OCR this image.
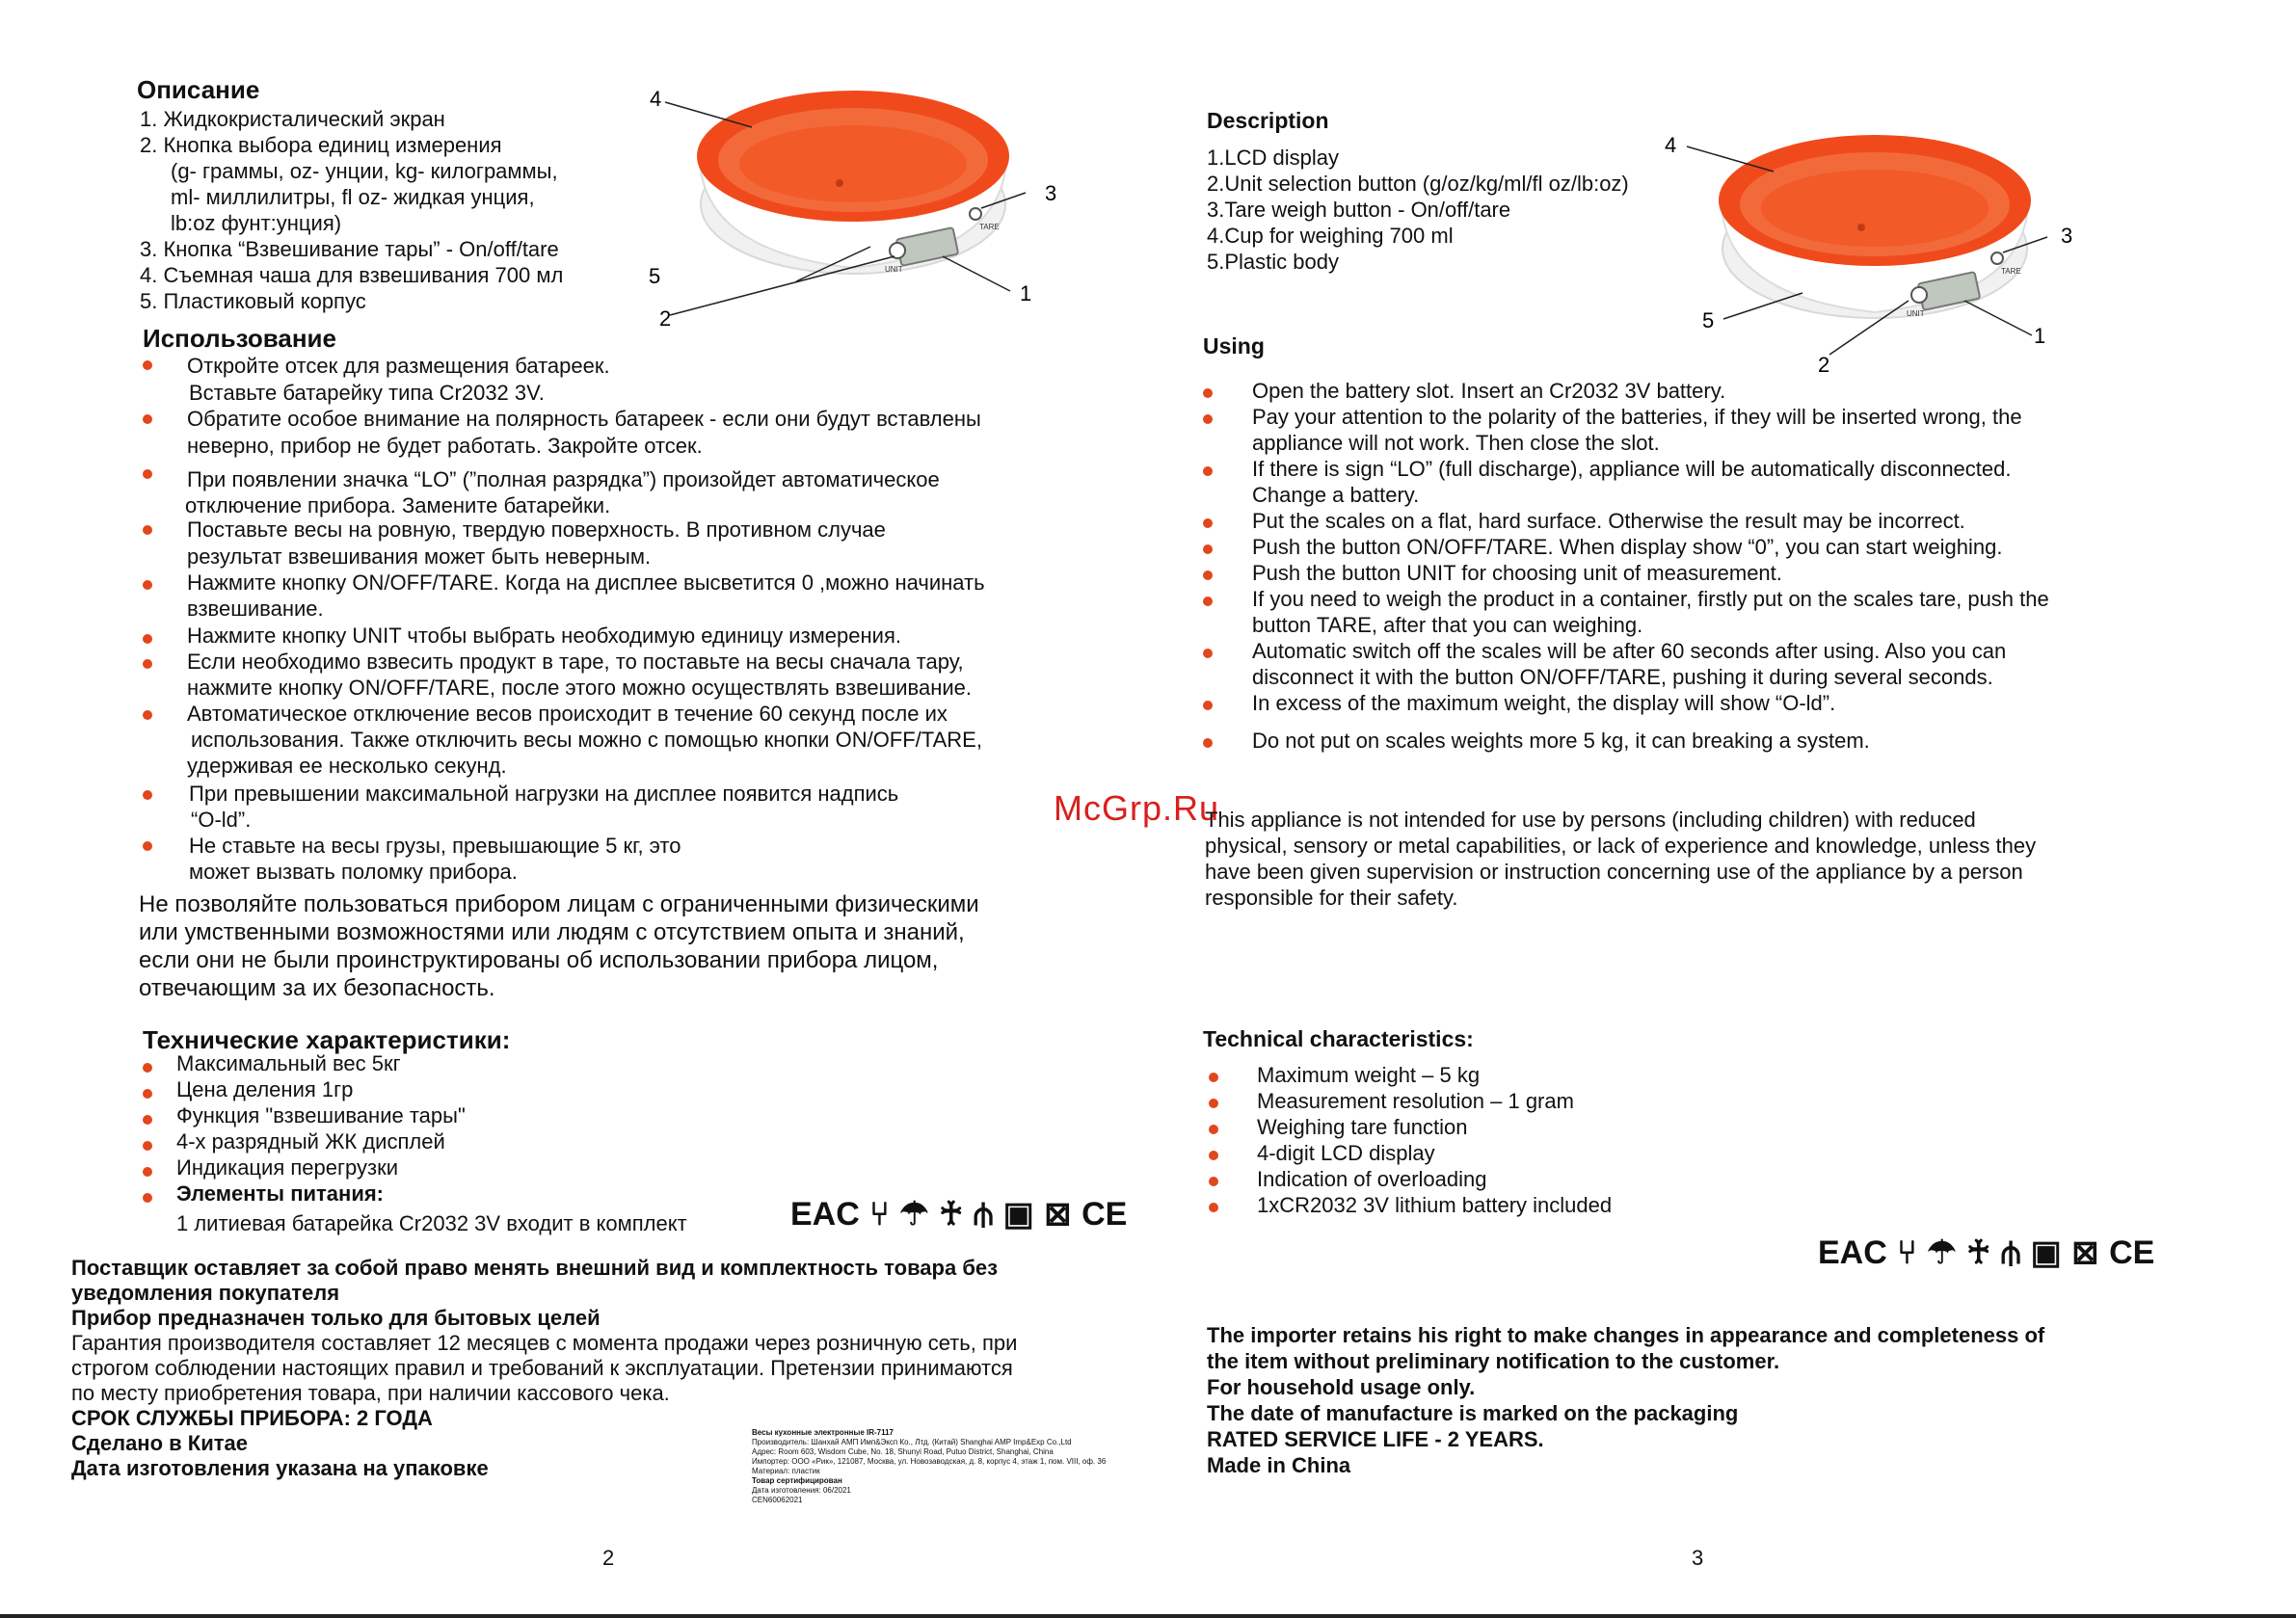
Описание
1. Жидкокристалический экран
2. Кнопка выбора единиц измерения
(g- граммы, oz- унции, kg- килограммы,
ml- миллилитры, fl oz- жидкая унция,
lb:oz фунт:унция)
3. Кнопка “Взвешивание тары” - On/off/tare
4. Съемная чаша для взвешивания 700 мл
5. Пластиковый корпус
UNIT
TARE
4
3
1
5
2
Использование
Откройте отсек для размещения батареек.
Вставьте батарейку типа Cr2032 3V.
Обратите особое внимание на полярность батареек - если они будут вставлены
неверно, прибор не будет работать. Закройте отсек.
При появлении значка “LO” (”полная разрядка”) произойдет автоматическое
отключение прибора. Замените батарейки.
Поставьте весы на ровную, твердую поверхность. В противном случае
результат взвешивания может быть неверным.
Нажмите кнопку ON/OFF/TARE. Когда на дисплее высветится 0 ,можно начинать
взвешивание.
Нажмите кнопку UNIT чтобы выбрать необходимую единицу измерения.
Если необходимо взвесить продукт в таре, то поставьте на весы сначала тару,
нажмите кнопку ON/OFF/TARE, после этого можно осуществлять взвешивание.
Автоматическое отключение весов происходит в течение 60 секунд после их
использования. Также отключить весы можно с помощью кнопки ON/OFF/TARE,
удерживая ее несколько секунд.
При превышении максимальной нагрузки на дисплее появится надпись
“O-ld”.
Не ставьте на весы грузы, превышающие 5 кг, это
может вызвать поломку прибора.
Не позволяйте пользоваться прибором лицам с ограниченными физическими
или умственными возможностями или людям с отсутствием опыта и знаний,
если они не были проинструктированы об использовании прибора лицом,
отвечающим за их безопасность.
Технические характеристики:
Максимальный вес 5кг
Цена деления 1гр
Функция "взвешивание тары"
4-х разрядный ЖК дисплей
Индикация перегрузки
Элементы питания:
1 литиевая батарейка Cr2032 3V входит в комплект	EAC ⑂ ☂ ♰ ⫛ ▣ ⊠ CE
Поставщик оставляет за собой право менять внешний вид и комплектность товара без
уведомления покупателя
Прибор предназначен только для бытовых целей
Гарантия производителя составляет 12 месяцев с момента продажи через розничную сеть, при
строгом соблюдении настоящих правил и требований к эксплуатации. Претензии принимаются
по месту приобретения товара, при наличии кассового чека.
СРОК СЛУЖБЫ ПРИБОРА: 2 ГОДА
Сделано в Китае
Дата изготовления указана на упаковке
Весы кухонные электронные IR-7117
Производитель: Шанхай АМП Имп&Эксп Ко., Лтд. (Китай) Shanghai AMP Imp&Exp Co.,Ltd
Адрес: Room 603, Wisdom Cube, No. 18, Shunyi Road, Putuo District, Shanghai, China
Импортер: ООО «Рик», 121087, Москва, ул. Новозаводская, д. 8, корпус 4, этаж 1, пом. VIII, оф. 36
Материал: пластик
Товар сертифицирован
Дата изготовления: 06/2021
CEN60062021
2
McGrp.Ru
Description
1.LCD display
2.Unit selection button (g/oz/kg/ml/fl oz/lb:oz)
3.Tare weigh button - On/off/tare
4.Cup for weighing 700 ml
5.Plastic body
UNIT
TARE
4
3
1
5
2
Using
Open the battery slot. Insert an Cr2032 3V battery.
Pay your attention to the polarity of the batteries, if they will be inserted wrong, the
appliance will not work. Then close the slot.
If there is sign “LO” (full discharge), appliance will be automatically disconnected.
Change a battery.
Put the scales on a flat, hard surface. Otherwise the result may be incorrect.
Push the button ON/OFF/TARE. When display show “0”, you can start weighing.
Push the button UNIT for choosing unit of measurement.
If you need to weigh the product in a container, firstly put on the scales tare, push the
button TARE, after that you can weighing.
Automatic switch off the scales will be after 60 seconds after using. Also you can
disconnect it with the button ON/OFF/TARE, pushing it during several seconds.
In excess of the maximum weight, the display will show “O-ld”.
Do not put on scales weights more 5 kg, it can breaking a system.
This appliance is not intended for use by persons (including children) with reduced
physical, sensory or metal capabilities, or lack of experience and knowledge, unless they
have been given supervision or instruction concerning use of the appliance by a person
responsible for their safety.
Technical characteristics:
Maximum weight – 5 kg
Measurement resolution – 1 gram
Weighing tare function
4-digit LCD display
Indication of overloading
1xCR2032 3V lithium battery included
EAC ⑂ ☂ ♰ ⫛ ▣ ⊠ CE
The importer retains his right to make changes in appearance and completeness of
the item without preliminary notification to the customer.
For household usage only.
The date of manufacture is marked on the packaging
RATED SERVICE LIFE - 2 YEARS.
Made in China
3
